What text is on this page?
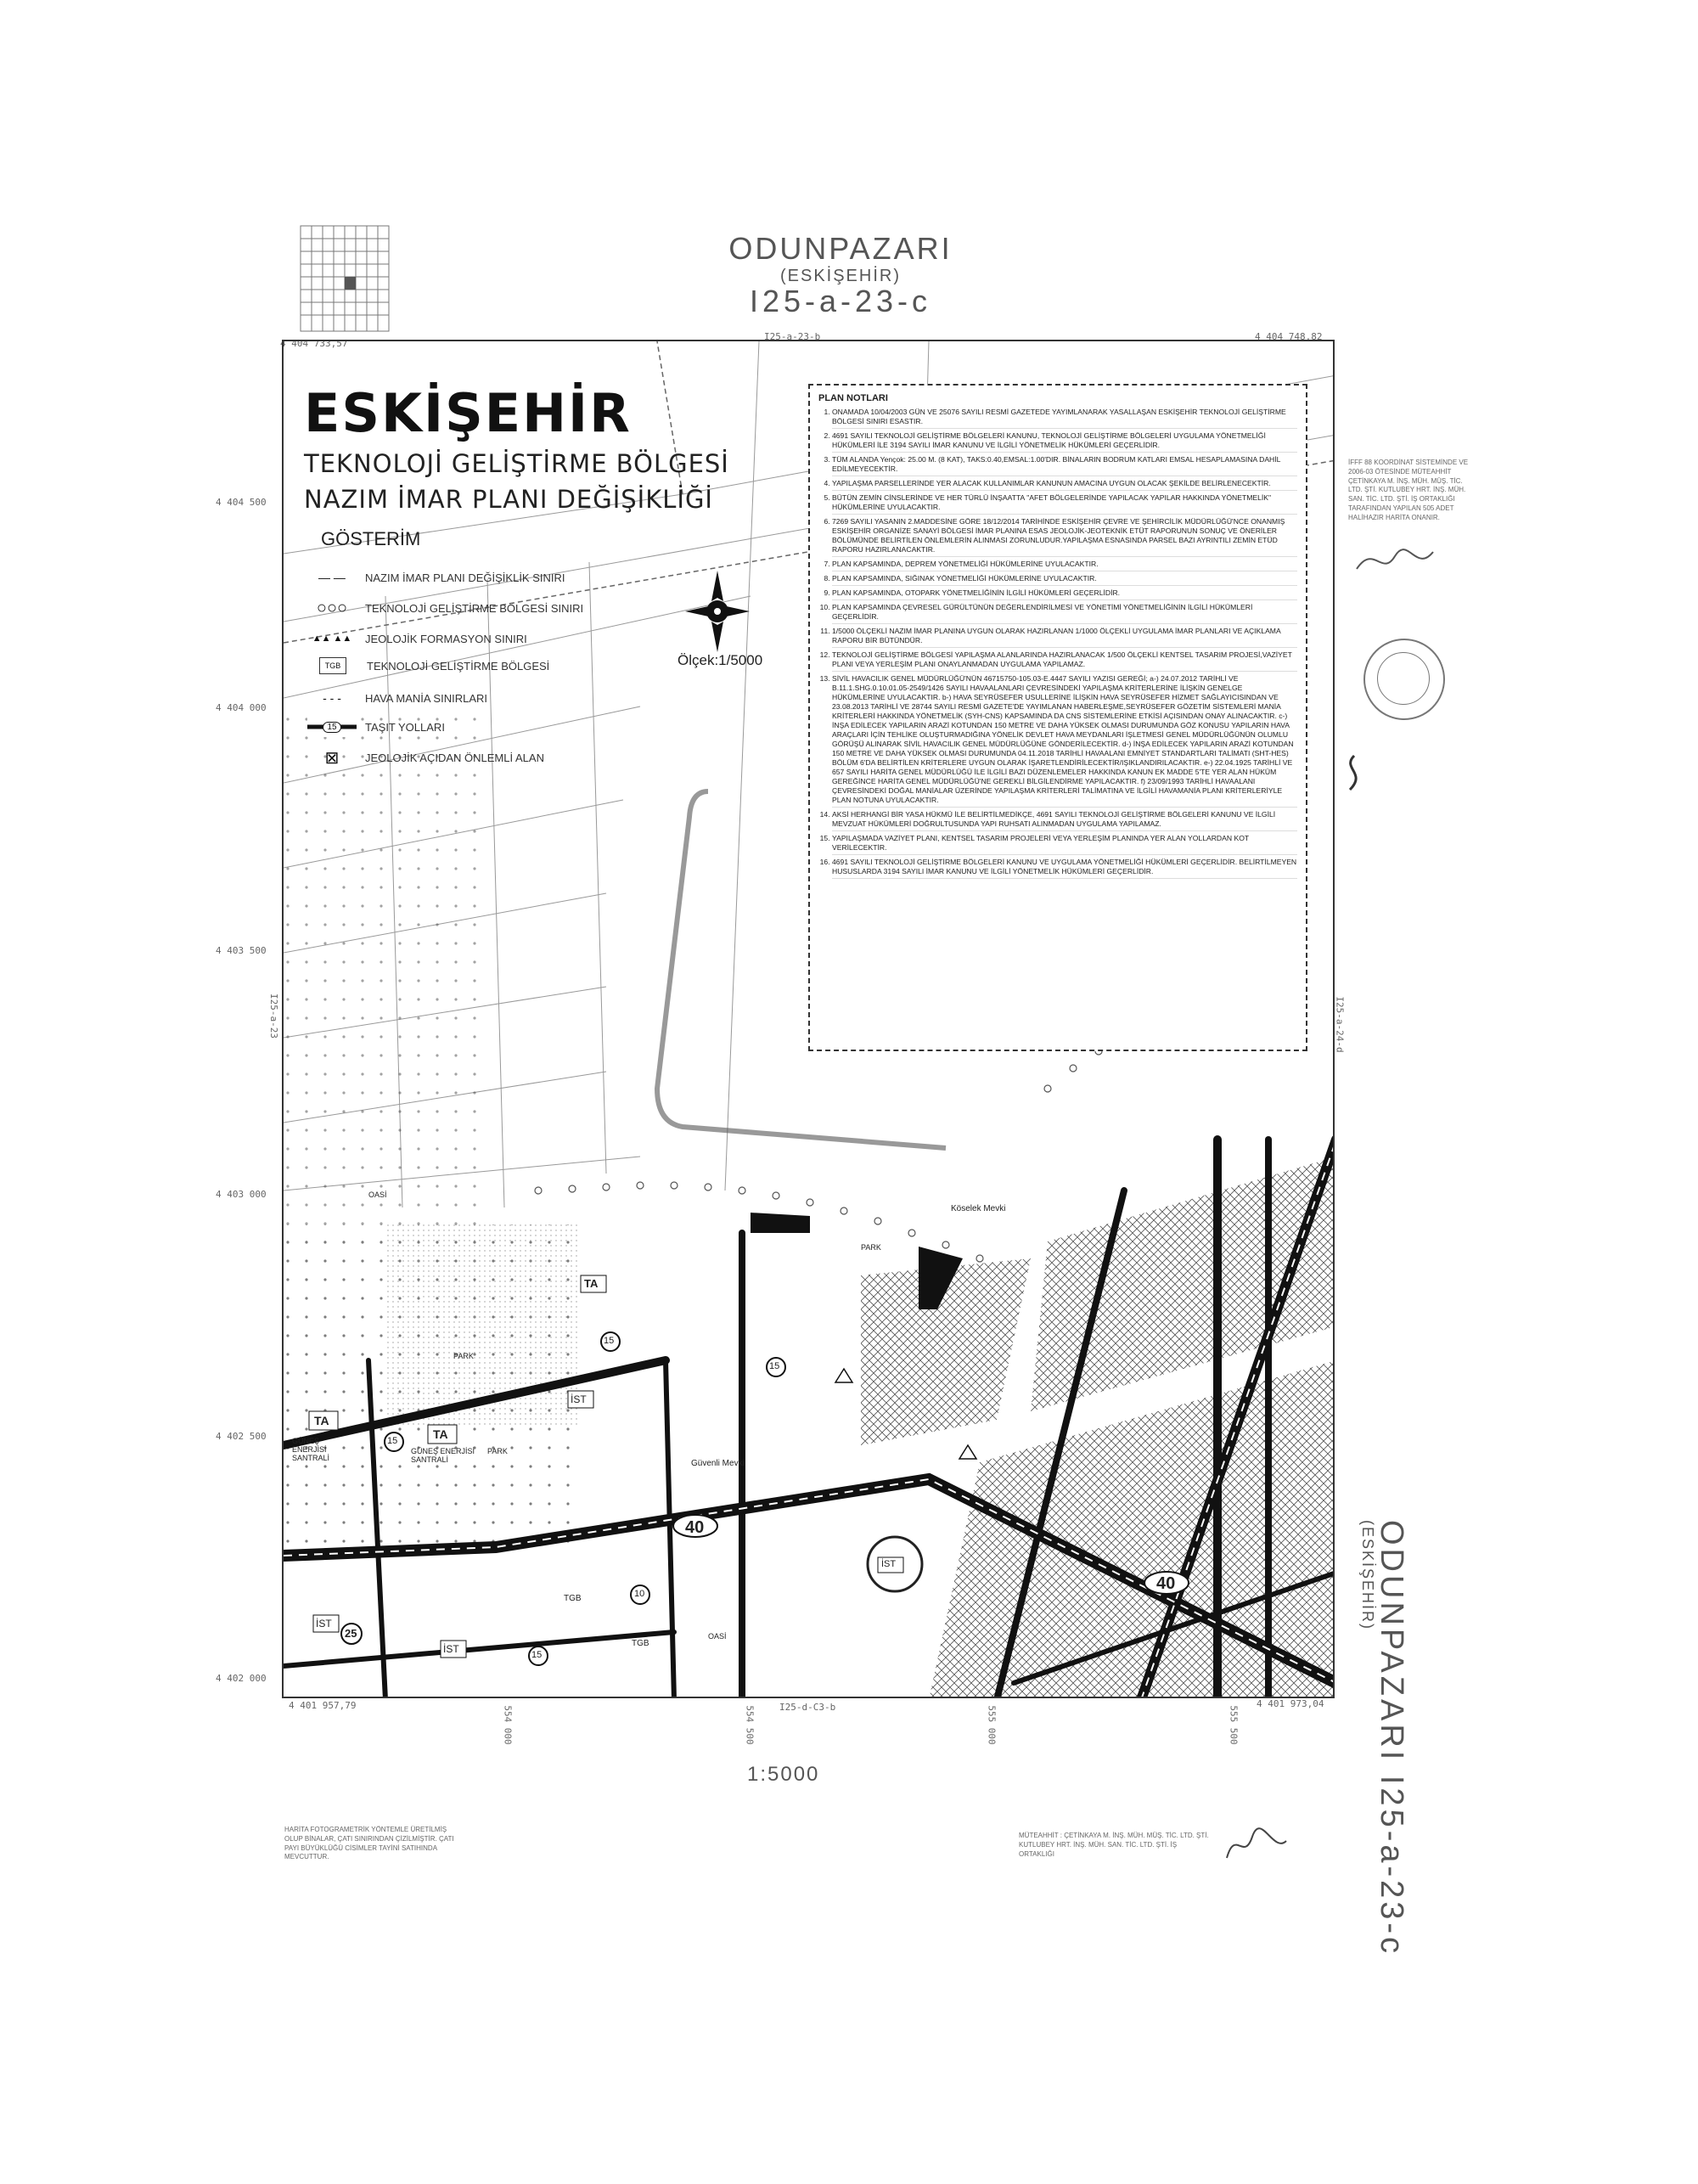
ODUNPAZARI
(ESKİŞEHİR)
I25-a-23-c
ODUNPAZARI I25-a-23-c
(ESKİŞEHİR)
4 404 733,57
4 404 748,82
4 401 957,79	4 401 973,04
4 404 500
4 404 000
4 403 500
4 403 000
4 402 500
4 402 000
554 000	554 500	555 000	555 500
I25-a-23-b
I25-d-C3-b
I25-a-23	I25-a-24-d
40
25
15
15
15
15
10
TA
TA
TA
GÜNEŞ ENERJİSİ SANTRALİ
GÜNEŞ ENERJİSİ SANTRALİ
İST
İST
İST
İST
TGB
TGB
PARK
PARK
PARK
OASİ
OASİ
Köselek Mevki
Güvenli Mevki
ESKİŞEHİR
TEKNOLOJİ GELİŞTİRME BÖLGESİ
NAZIM İMAR PLANI DEĞİŞİKLİĞİ
GÖSTERİM
— —	NAZIM İMAR PLANI DEĞİŞİKLİK SINIRI
○○○	TEKNOLOJİ GELİŞTİRME BÖLGESİ SINIRI
▲▲ ▲▲	JEOLOJİK FORMASYON SINIRI
TGB	TEKNOLOJİ GELİŞTİRME BÖLGESİ
- - -	HAVA MANİA SINIRLARI
15	TAŞIT YOLLARI
⊠	JEOLOJİK AÇIDAN ÖNLEMLİ ALAN
Ölçek:1/5000
PLAN NOTLARI
1. ONAMADA 10/04/2003 GÜN VE 25076 SAYILI RESMİ GAZETEDE YAYIMLANARAK YASALLAŞAN ESKİŞEHİR TEKNOLOJİ GELİŞTİRME BÖLGESİ SINIRI ESASTIR.
2. 4691 SAYILI TEKNOLOJİ GELİŞTİRME BÖLGELERİ KANUNU, TEKNOLOJİ GELİŞTİRME BÖLGELERİ UYGULAMA YÖNETMELİĞİ HÜKÜMLERİ İLE 3194 SAYILI İMAR KANUNU VE İLGİLİ YÖNETMELİK HÜKÜMLERİ GEÇERLİDİR.
3. TÜM ALANDA Yençok: 25.00 M. (8 KAT), TAKS:0.40,EMSAL:1.00'DIR. BİNALARIN BODRUM KATLARI EMSAL HESAPLAMASINA DAHİL EDİLMEYECEKTİR.
4. YAPILAŞMA PARSELLERİNDE YER ALACAK KULLANIMLAR KANUNUN AMACINA UYGUN OLACAK ŞEKİLDE BELİRLENECEKTİR.
5. BÜTÜN ZEMİN CİNSLERİNDE VE HER TÜRLÜ İNŞAATTA "AFET BÖLGELERİNDE YAPILACAK YAPILAR HAKKINDA YÖNETMELİK" HÜKÜMLERİNE UYULACAKTIR.
6. 7269 SAYILI YASANIN 2.MADDESİNE GÖRE 18/12/2014 TARİHİNDE ESKİŞEHİR ÇEVRE VE ŞEHİRCİLİK MÜDÜRLÜĞÜ'NCE ONANMIŞ ESKİŞEHİR ORGANİZE SANAYİ BÖLGESİ İMAR PLANINA ESAS JEOLOJİK-JEOTEKNİK ETÜT RAPORUNUN SONUÇ VE ÖNERİLER BÖLÜMÜNDE BELİRTİLEN ÖNLEMLERİN ALINMASI ZORUNLUDUR.YAPILAŞMA ESNASINDA PARSEL BAZI AYRINTILI ZEMİN ETÜD RAPORU HAZIRLANACAKTIR.
7. PLAN KAPSAMINDA, DEPREM YÖNETMELİĞİ HÜKÜMLERİNE UYULACAKTIR.
8. PLAN KAPSAMINDA, SIĞINAK YÖNETMELİĞİ HÜKÜMLERİNE UYULACAKTIR.
9. PLAN KAPSAMINDA, OTOPARK YÖNETMELİĞİNİN İLGİLİ HÜKÜMLERİ GEÇERLİDİR.
10. PLAN KAPSAMINDA ÇEVRESEL GÜRÜLTÜNÜN DEĞERLENDİRİLMESİ VE YÖNETİMİ YÖNETMELİĞİNİN İLGİLİ HÜKÜMLERİ GEÇERLİDİR.
11. 1/5000 ÖLÇEKLİ NAZIM İMAR PLANINA UYGUN OLARAK HAZIRLANAN 1/1000 ÖLÇEKLİ UYGULAMA İMAR PLANLARI VE AÇIKLAMA RAPORU BİR BÜTÜNDÜR.
12. TEKNOLOJİ GELİŞTİRME BÖLGESİ YAPILAŞMA ALANLARINDA HAZIRLANACAK 1/500 ÖLÇEKLİ KENTSEL TASARIM PROJESİ,VAZİYET PLANI VEYA YERLEŞİM PLANI ONAYLANMADAN UYGULAMA YAPILAMAZ.
13. SİVİL HAVACILIK GENEL MÜDÜRLÜĞÜ'NÜN 46715750-105.03-E.4447 SAYILI YAZISI GEREĞİ; a-) 24.07.2012 TARİHLİ VE B.11.1.SHG.0.10.01.05-2549/1426 SAYILI HAVAALANLARI ÇEVRESİNDEKİ YAPILAŞMA KRİTERLERİNE İLİŞKİN GENELGE HÜKÜMLERİNE UYULACAKTIR. b-) HAVA SEYRÜSEFER USULLERİNE İLİŞKİN HAVA SEYRÜSEFER HİZMET SAĞLAYICISINDAN VE 23.08.2013 TARİHLİ VE 28744 SAYILI RESMİ GAZETE'DE YAYIMLANAN HABERLEŞME,SEYRÜSEFER GÖZETİM SİSTEMLERİ MANİA KRİTERLERİ HAKKINDA YÖNETMELİK (SYH-CNS) KAPSAMINDA DA CNS SİSTEMLERİNE ETKİSİ AÇISINDAN ONAY ALINACAKTIR. c-) İNŞA EDİLECEK YAPILARIN ARAZİ KOTUNDAN 150 METRE VE DAHA YÜKSEK OLMASI DURUMUNDA GÖZ KONUSU YAPILARIN HAVA ARAÇLARI İÇİN TEHLİKE OLUŞTURMADIĞINA YÖNELİK DEVLET HAVA MEYDANLARI İŞLETMESİ GENEL MÜDÜRLÜĞÜNÜN OLUMLU GÖRÜŞÜ ALINARAK SİVİL HAVACILIK GENEL MÜDÜRLÜĞÜNE GÖNDERİLECEKTİR. d-) İNŞA EDİLECEK YAPILARIN ARAZİ KOTUNDAN 150 METRE VE DAHA YÜKSEK OLMASI DURUMUNDA 04.11.2018 TARİHLİ HAVAALANI EMNİYET STANDARTLARI TALİMATI (SHT-HES) BÖLÜM 6'DA BELİRTİLEN KRİTERLERE UYGUN OLARAK İŞARETLENDİRİLECEKTİR/IŞIKLANDIRILACAKTIR. e-) 22.04.1925 TARİHLİ VE 657 SAYILI HARİTA GENEL MÜDÜRLÜĞÜ İLE İLGİLİ BAZI DÜZENLEMELER HAKKINDA KANUN EK MADDE 5'TE YER ALAN HÜKÜM GEREĞİNCE HARİTA GENEL MÜDÜRLÜĞÜ'NE GEREKLİ BİLGİLENDİRME YAPILACAKTIR. f) 23/09/1993 TARİHLİ HAVAALANI ÇEVRESİNDEKİ DOĞAL MANİALAR ÜZERİNDE YAPILAŞMA KRİTERLERİ TALİMATINA VE İLGİLİ HAVAMANİA PLANI KRİTERLERİYLE PLAN NOTUNA UYULACAKTIR.
14. AKSİ HERHANGİ BİR YASA HÜKMÜ İLE BELİRTİLMEDİKÇE, 4691 SAYILI TEKNOLOJİ GELİŞTİRME BÖLGELERİ KANUNU VE İLGİLİ MEVZUAT HÜKÜMLERİ DOĞRULTUSUNDA YAPI RUHSATI ALINMADAN UYGULAMA YAPILAMAZ.
15. YAPILAŞMADA VAZİYET PLANI, KENTSEL TASARIM PROJELERİ VEYA YERLEŞİM PLANINDA YER ALAN YOLLARDAN KOT VERİLECEKTİR.
16. 4691 SAYILI TEKNOLOJİ GELİŞTİRME BÖLGELERİ KANUNU VE UYGULAMA YÖNETMELİĞİ HÜKÜMLERİ GEÇERLİDİR. BELİRTİLMEYEN HUSUSLARDA 3194 SAYILI İMAR KANUNU VE İLGİLİ YÖNETMELİK HÜKÜMLERİ GEÇERLİDİR.
İFFF 88 KOORDİNAT SİSTEMİNDE VE 2006-03 ÖTESİNDE MÜTEAHHİT ÇETİNKAYA M. İNŞ. MÜH. MÜŞ. TİC. LTD. ŞTİ. KUTLUBEY HRT. İNŞ. MÜH. SAN. TİC. LTD. ŞTİ. İŞ ORTAKLIĞI TARAFINDAN YAPILAN 505 ADET HALİHAZIR HARİTA ONANIR.
1:5000
HARİTA FOTOGRAMETRİK YÖNTEMLE ÜRETİLMİŞ OLUP BİNALAR, ÇATI SINIRINDAN ÇİZİLMİŞTİR. ÇATI PAYI BÜYÜKLÜĞÜ CİSİMLER TAYİNİ SATIHINDA MEVCUTTUR.
MÜTEAHHİT : ÇETİNKAYA M. İNŞ. MÜH. MÜŞ. TİC. LTD. ŞTİ. KUTLUBEY HRT. İNŞ. MÜH. SAN. TİC. LTD. ŞTİ. İŞ ORTAKLIĞI
